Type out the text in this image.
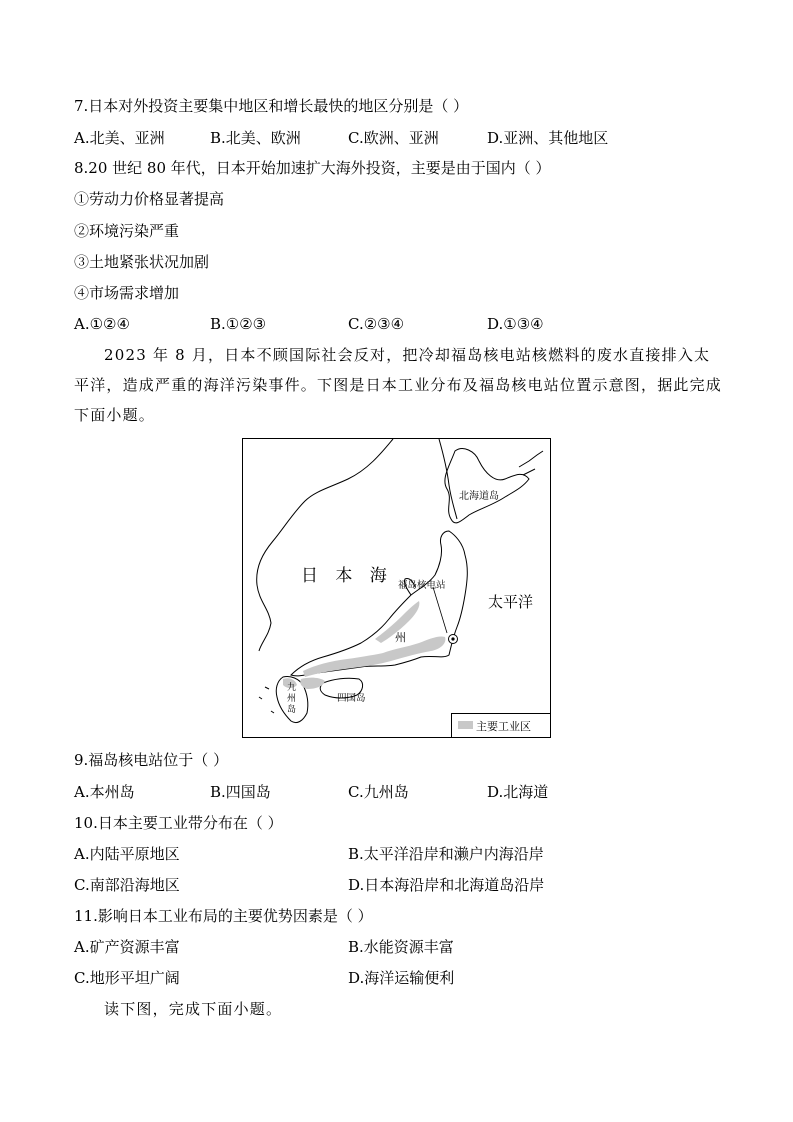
7.日本对外投资主要集中地区和增长最快的地区分别是（ ）
A.北美、亚洲	B.北美、欧洲	C.欧洲、亚洲	D.亚洲、其他地区
8.20 世纪 80 年代，日本开始加速扩大海外投资，主要是由于国内（ ）
①劳动力价格显著提高
②环境污染严重
③土地紧张状况加剧
④市场需求增加
A.①②④	B.①②③	C.②③④	D.①③④
2023 年 8 月，日本不顾国际社会反对，把冷却福岛核电站核燃料的废水直接排入太平洋，造成严重的海洋污染事件。下图是日本工业分布及福岛核电站位置示意图，据此完成下面小题。
日 本 海
太平洋
北海道岛
福岛核电站
州
九州岛
四国岛
主要工业区
9.福岛核电站位于（ ）
A.本州岛	B.四国岛	C.九州岛	D.北海道
10.日本主要工业带分布在（ ）
A.内陆平原地区	B.太平洋沿岸和濑户内海沿岸
C.南部沿海地区	D.日本海沿岸和北海道岛沿岸
11.影响日本工业布局的主要优势因素是（ ）
A.矿产资源丰富	B.水能资源丰富
C.地形平坦广阔	D.海洋运输便利
读下图，完成下面小题。
